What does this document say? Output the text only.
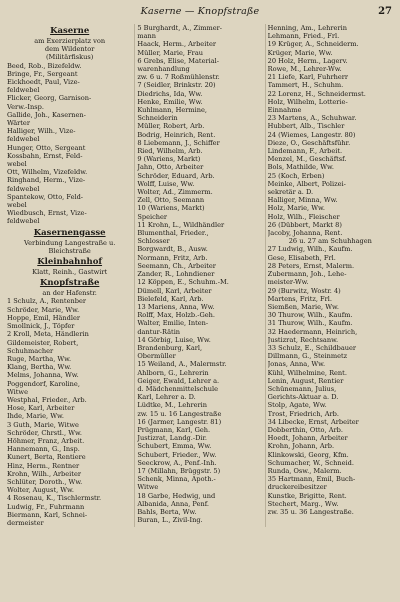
Kaserne — Knopfstraße	27
Kaserne
am Exerzierplatz von
dem Wildentor
(Militärfiskus)
Beed, Rob., Bizefeldw.
Bringe, Fr., Sergeant
Eickhoedt, Paul, Vize-
feldwebel
Flicker, Georg, Garnison-
Verw.-Insp.
Gallide, Joh., Kasernen-
Wärter
Halliger, Wilh., Vize-
feldwebel
Hunger, Otto, Sergeant
Kossbahn, Ernst, Feld-
webel
Ott, Wilhelm, Vizefeldw.
Ringhand, Herm., Vize-
feldwebel
Spantekow, Otto, Feld-
webel
Wiedbusch, Ernst, Vize-
feldwebel
Kasernengasse
Verbindung Langestraße u.
Bleichstraße
Kleinbahnhof
Klatt, Reinh., Gastwirt
Knopfstraße
an der Hafenstr.
1 Schulz, A., Rentenber
Schröder, Marie, Ww.
Hoppe, Emil, Händler
Smollnick, J., Töpfer
2 Kroll, Meta, Händlerin
Gildemeister, Robert,
Schuhmacher
Ruge, Martha, Ww.
Klang, Bertha, Ww.
Melms, Johanna, Ww.
Poggendorf, Karoline,
Witwe
Westphal, Frieder., Arb.
Hose, Karl, Arbeiter
Ihde, Marie, Ww.
3 Guth, Marie, Witwe
Schröder, Chrstl., Ww.
Höhmer, Franz, Arbeit.
Hannemann, G., Insp.
Kunert, Berta, Rentiere
Hinz, Herm., Rentner
Krohn, Wilh., Arbeiter
Schlüter, Doroth., Ww.
Wolter, August, Ww.
4 Rosenau, K., Tischlermstr.
Ludwig, Fr., Fuhrmann
Biermann, Karl, Schnei-
dermeister
5 Burghardt, A., Zimmer-
mann
Haack, Herm., Arbeiter
Müller, Marie, Frau
6 Grebs, Elise, Material-
warenhandlung
zw. 6 u. 7 Roßmühlenstr.
7 (Seidler, Brinkstr. 20)
Diedrichs, Ida, Ww.
Henke, Emilie, Ww.
Kuhlmann, Hermine,
Schneiderin
Müller, Robert, Arb.
Bodrig, Heinrich, Rent.
8 Liebemann, J., Schiffer
Ried, Wilhelm, Arb.
9 (Wariens, Markt)
Jahn, Otto, Arbeiter
Schröder, Eduard, Arb.
Wolff, Luise, Ww.
Wolter, Ad., Zimmerm.
Zell, Otto, Seemann
10 (Wariens, Markt)
Speicher
11 Krohn, L., Wildhändler
Blumenthal, Frieder.,
Schlosser
Borgwardt, B., Ausw.
Normann, Fritz, Arb.
Seemann, Ch., Arbeiter
Zander, R., Lohndiener
12 Köppen, E., Schuhm.-M.
Dümell, Karl, Arbeiter
Bielefeld, Karl, Arb.
13 Mariens, Anna, Ww.
Rolff, Max, Holzb.-Geh.
Walter, Emilie, Inten-
dantur-Rätin
14 Görbig, Luise, Ww.
Brandenburg, Karl,
Obermüller
15 Weiland, A., Malermstr.
Ahlborn, G., Lehrerin
Geiger, Ewald, Lehrer a.
d. Mädchenmittelschule
Karl, Lehrer a. D.
Lüdtke, M., Lehrerin
zw. 15 u. 16 Langestraße
16 (Jarmer, Langestr. 81)
Prügmann, Karl, Geh.
Justizrat, Landg.-Dir.
Schubert, Emma, Ww.
Schubert, Frieder., Ww.
Seeckrow, A., Penf.-Inh.
17 (Millahn, Brüggstr. 5)
Schenk, Minna, Apoth.-
Witwe
18 Garbe, Hedwig, und
Albanida, Anna, Penf.
Bahls, Berta, Ww.
Buran, L., Zivil-Ing.
Henning, Am., Lehrerin
Lehmann, Fried., Frl.
19 Krüger, A., Schneiderm.
Krüger, Marie, Ww.
20 Holz, Herm., Lagerv.
Rowe, M., Lehrer-Ww.
21 Liefe, Karl, Fuhrherr
Tammert, H., Schuhm.
22 Lorenz, H., Schneidermst.
Holz, Wilhelm, Lotterie-
Einnahme
23 Martens, A., Schuhwar.
Hubbert, Alb., Tischler
24 (Wiemes, Langestr. 80)
Dieze, O., Geschäftsführ.
Lindemann, F., Arbeit.
Menzel, M., Geschäftsf.
Bols, Mathilde, Ww.
25 (Koch, Erben)
Meinke, Albert, Polizei-
sekretär a. D.
Halliger, Minna, Ww.
Holz, Marie, Ww.
Holz, Wilh., Fleischer
26 (Dübbert, Markt 8)
Jacoby, Johanna, Rent.
26 u. 27 am Schuhhagen
27 Ludwig, Wilh., Kaufm.
Gese, Elisabeth, Frl.
28 Peters, Ernst, Malerm.
Zubermann, Joh., Lehe-
meister-Ww.
29 (Burwitz, Wostr. 4)
Martens, Fritz, Frl.
Siemßen, Marie, Ww.
30 Thurow, Wilh., Kaufm.
31 Thurow, Wilh., Kaufm.
32 Haedermann, Heinrich,
Justizrat, Rechtsanw.
33 Schulz, E., Schildbauer
Dillmann, G., Steinmetz
Jonas, Anna, Ww.
Kühl, Wilhelmine, Rent.
Lenin, August, Rentier
Schünemann, Julius,
Gerichts-Aktuar a. D.
Stolp, Agate, Ww.
Trost, Friedrich, Arb.
34 Libecke, Ernst, Arbeiter
Dobberthin, Otto, Arb.
Hoedt, Johann, Arbeiter
Krohn, Johann, Arb.
Klinkowski, Georg, Kfm.
Schumacher, W., Schneid.
Runda, Osw., Malerm.
35 Hartmann, Emil, Buch-
druckereibesitzer
Kunstke, Brigitte, Rent.
Stechert, Marg., Ww.
zw. 35 u. 36 Langestraße.
